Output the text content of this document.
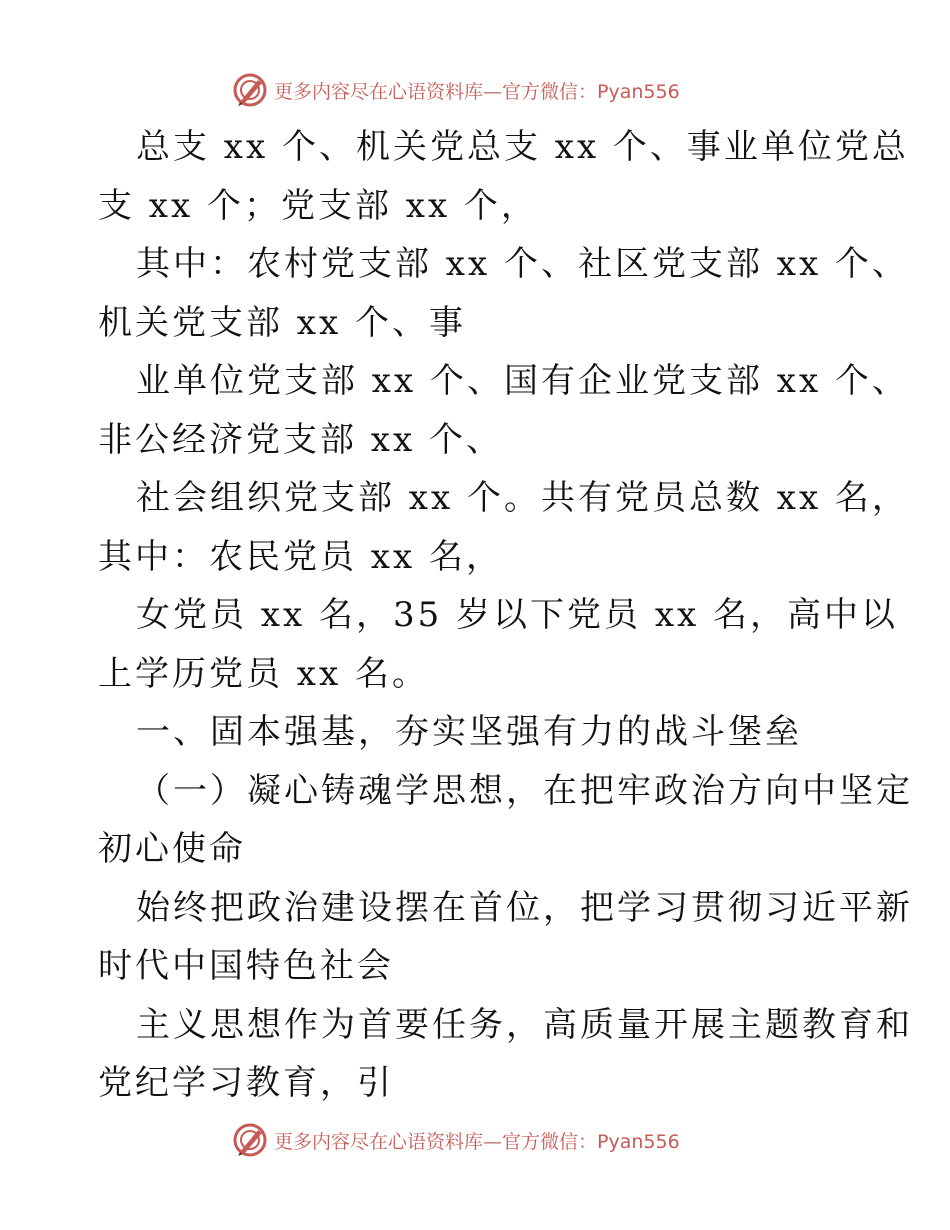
更多内容尽在心语资料库—官方微信：Pyan556
总支 xx 个、机关党总支 xx 个、事业单位党总
支 xx 个；党支部 xx 个，
其中：农村党支部 xx 个、社区党支部 xx 个、
机关党支部 xx 个、事
业单位党支部 xx 个、国有企业党支部 xx 个、
非公经济党支部 xx 个、
社会组织党支部 xx 个。共有党员总数 xx 名，
其中：农民党员 xx 名，
女党员 xx 名，35 岁以下党员 xx 名，高中以
上学历党员 xx 名。
一、固本强基，夯实坚强有力的战斗堡垒
（一）凝心铸魂学思想，在把牢政治方向中坚定
初心使命
始终把政治建设摆在首位，把学习贯彻习近平新
时代中国特色社会
主义思想作为首要任务，高质量开展主题教育和
党纪学习教育，引
更多内容尽在心语资料库—官方微信：Pyan556
